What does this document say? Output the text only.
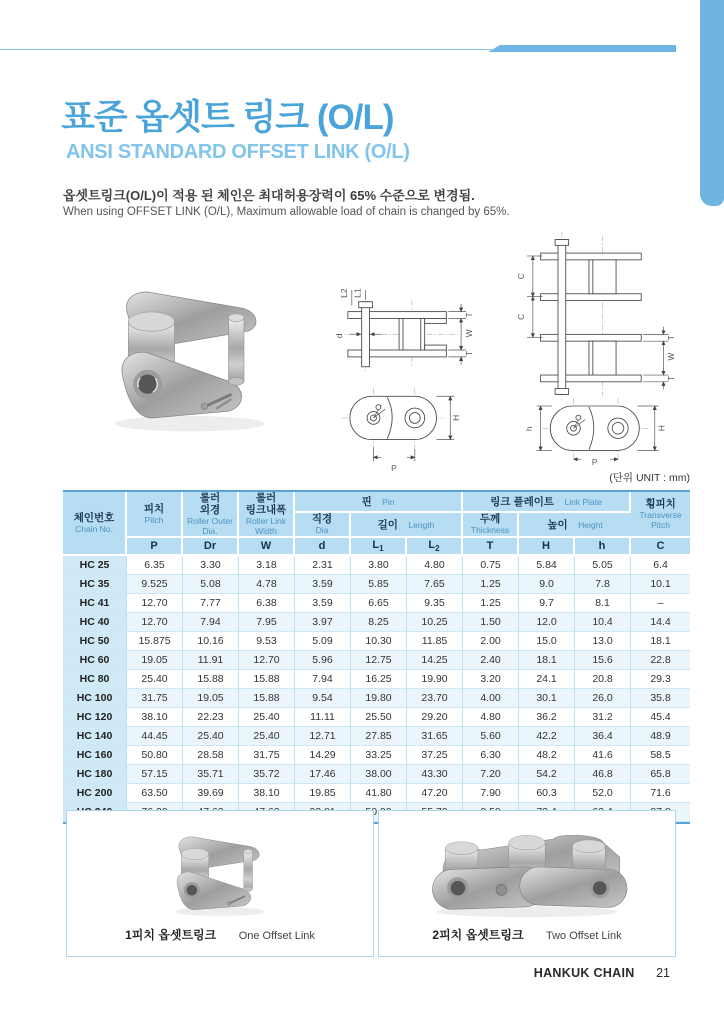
표준 옵셋트 링크 (O/L)
ANSI STANDARD OFFSET LINK (O/L)
옵셋트링크(O/L)이 적용 된 체인은 최대허용장력이 65% 수준으로 변경됨.
When using OFFSET LINK (O/L), Maximum allowable load of chain is changed by 65%.
d
L1
L2
T
W
T
H
P
C
C
T
W
T
h	H
P
(단위 UNIT : mm)
체인번호
Chain No.	피치
Pitch	롤러
외경
Roller Outer Dia.	롤러
링크내폭
Roller Link Width	핀 Pin			링크 플레이트 Link Plate			횡피치
Transverse Pitch

				직경
Dia	길이 Length		두께
Thickness	높이 Height		
	P	Dr	W	d	$L_1$	$L_2$	T	H	h	C
HC 25	6.35	3.30	3.18	2.31	3.80	4.80	0.75	5.84	5.05	6.4
HC 35	9.525	5.08	4.78	3.59	5.85	7.65	1.25	9.0	7.8	10.1
HC 41	12.70	7.77	6.38	3.59	6.65	9.35	1.25	9.7	8.1	–
HC 40	12.70	7.94	7.95	3.97	8.25	10.25	1.50	12.0	10.4	14.4
HC 50	15.875	10.16	9.53	5.09	10.30	11.85	2.00	15.0	13.0	18.1
HC 60	19.05	11.91	12.70	5.96	12.75	14.25	2.40	18.1	15.6	22.8
HC 80	25.40	15.88	15.88	7.94	16.25	19.90	3.20	24.1	20.8	29.3
HC 100	31.75	19.05	15.88	9.54	19.80	23.70	4.00	30.1	26.0	35.8
HC 120	38.10	22.23	25.40	11.11	25.50	29.20	4.80	36.2	31.2	45.4
HC 140	44.45	25.40	25.40	12.71	27.85	31.65	5.60	42.2	36.4	48.9
HC 160	50.80	28.58	31.75	14.29	33.25	37.25	6.30	48.2	41.6	58.5
HC 180	57.15	35.71	35.72	17.46	38.00	43.30	7.20	54.2	46.8	65.8
HC 200	63.50	39.69	38.10	19.85	41.80	47.20	7.90	60.3	52.0	71.6

1피치 옵셋트링크 One Offset Link	2피치 옵셋트링크 Two Offset Link
HANKUK CHAIN 21
